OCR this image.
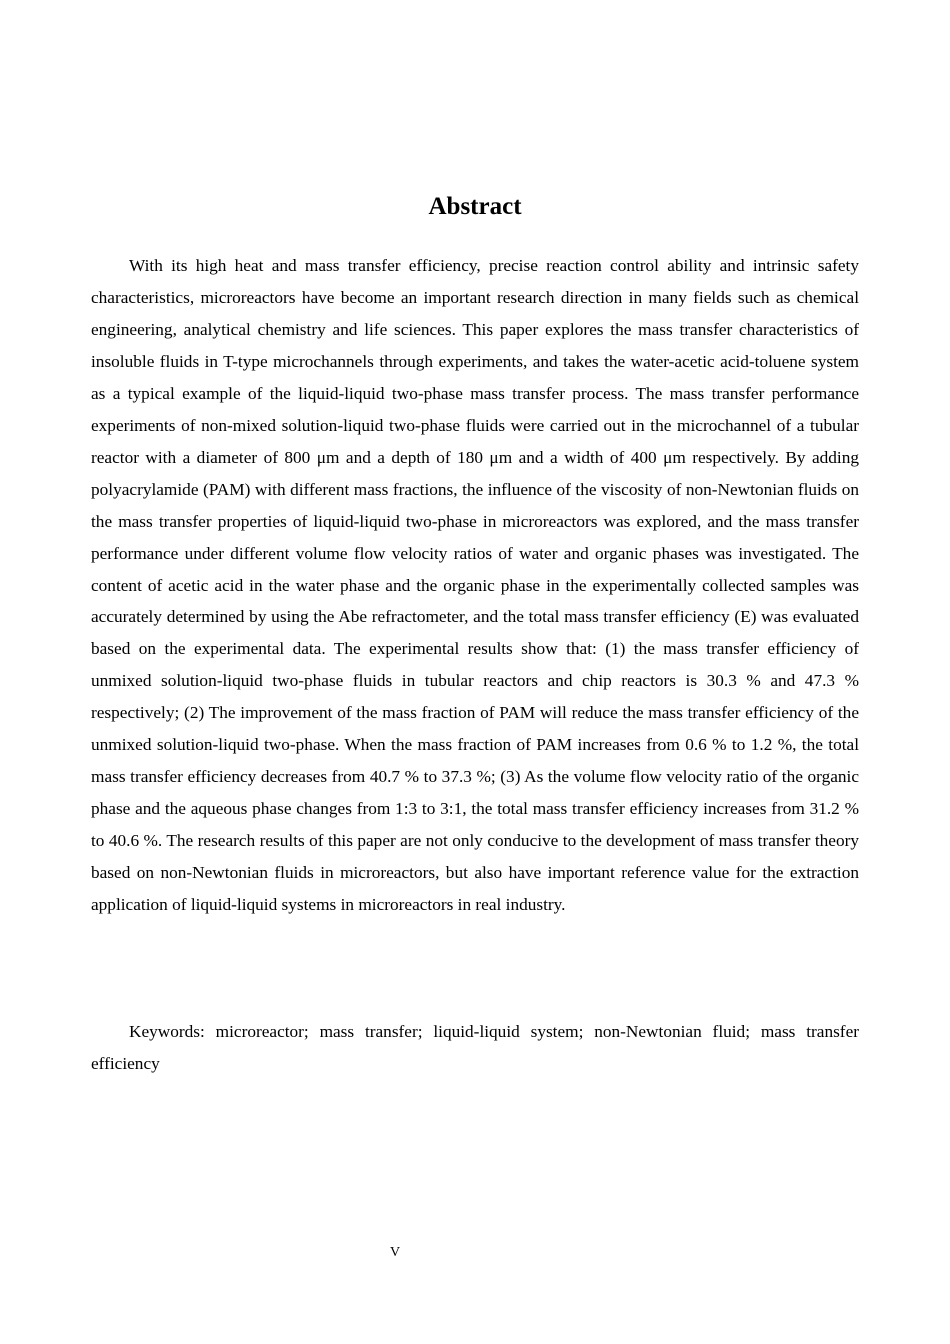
Abstract

With its high heat and mass transfer efficiency, precise reaction control ability and intrinsic safety characteristics, microreactors have become an important research direction in many fields such as chemical engineering, analytical chemistry and life sciences. This paper explores the mass transfer characteristics of insoluble fluids in T-type microchannels through experiments, and takes the water-acetic acid-toluene system as a typical example of the liquid-liquid two-phase mass transfer process. The mass transfer performance experiments of non-mixed solution-liquid two-phase fluids were carried out in the microchannel of a tubular reactor with a diameter of 800 μm and a depth of 180 μm and a width of 400 μm respectively. By adding polyacrylamide (PAM) with different mass fractions, the influence of the viscosity of non-Newtonian fluids on the mass transfer properties of liquid-liquid two-phase in microreactors was explored, and the mass transfer performance under different volume flow velocity ratios of water and organic phases was investigated. The content of acetic acid in the water phase and the organic phase in the experimentally collected samples was accurately determined by using the Abe refractometer, and the total mass transfer efficiency (E) was evaluated based on the experimental data. The experimental results show that: (1) the mass transfer efficiency of unmixed solution-liquid two-phase fluids in tubular reactors and chip reactors is 30.3 % and 47.3 % respectively; (2) The improvement of the mass fraction of PAM will reduce the mass transfer efficiency of the unmixed solution-liquid two-phase. When the mass fraction of PAM increases from 0.6 % to 1.2 %, the total mass transfer efficiency decreases from 40.7 % to 37.3 %; (3) As the volume flow velocity ratio of the organic phase and the aqueous phase changes from 1:3 to 3:1, the total mass transfer efficiency increases from 31.2 % to 40.6 %. The research results of this paper are not only conducive to the development of mass transfer theory based on non-Newtonian fluids in microreactors, but also have important reference value for the extraction application of liquid-liquid systems in microreactors in real industry.

Keywords: microreactor; mass transfer; liquid-liquid system; non-Newtonian fluid; mass transfer efficiency

V
